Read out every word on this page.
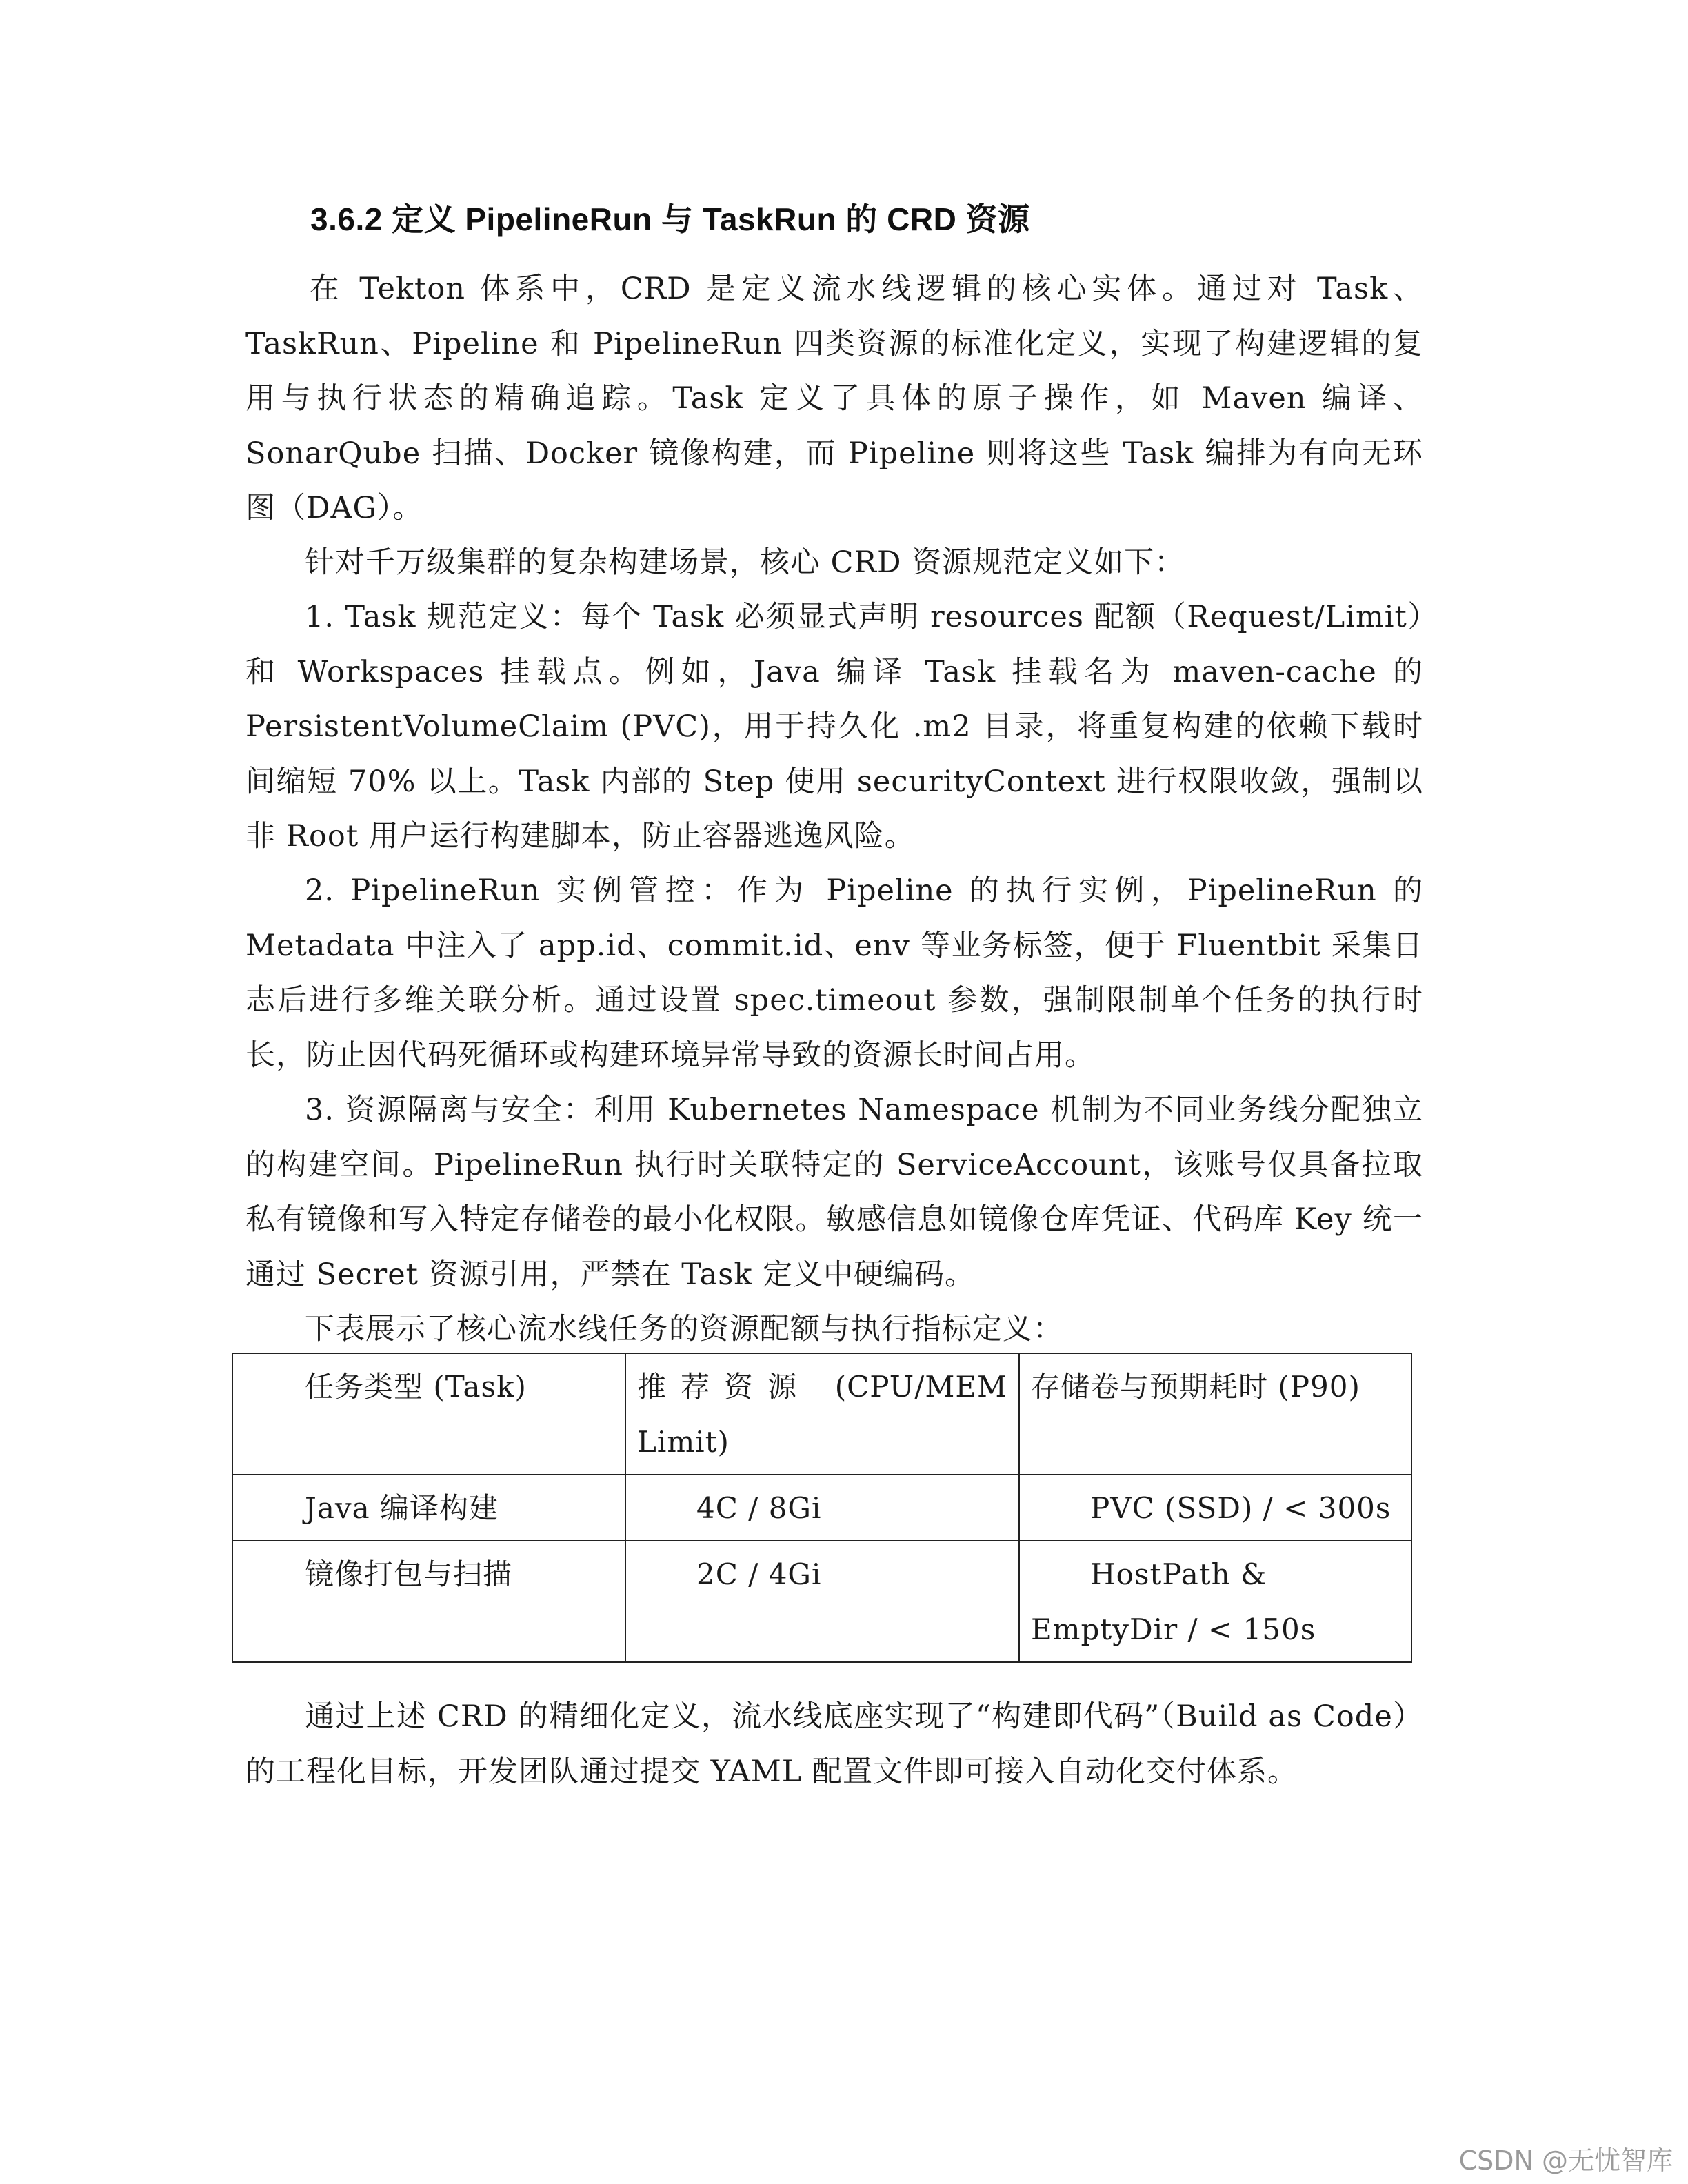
3.6.2 定义 PipelineRun 与 TaskRun 的 CRD 资源

在 Tekton 体系中，CRD 是定义流水线逻辑的核心实体。通过对 Task、TaskRun、Pipeline 和 PipelineRun 四类资源的标准化定义，实现了构建逻辑的复用与执行状态的精确追踪。Task 定义了具体的原子操作，如 Maven 编译、SonarQube 扫描、Docker 镜像构建，而 Pipeline 则将这些 Task 编排为有向无环图（DAG）。

针对千万级集群的复杂构建场景，核心 CRD 资源规范定义如下：

1. Task 规范定义：每个 Task 必须显式声明 resources 配额（Request/Limit）和 Workspaces 挂载点。例如，Java 编译 Task 挂载名为 maven-cache 的 PersistentVolumeClaim (PVC)，用于持久化 .m2 目录，将重复构建的依赖下载时间缩短 70% 以上。Task 内部的 Step 使用 securityContext 进行权限收敛，强制以非 Root 用户运行构建脚本，防止容器逃逸风险。

2. PipelineRun 实例管控：作为 Pipeline 的执行实例，PipelineRun 的 Metadata 中注入了 app.id、commit.id、env 等业务标签，便于 Fluentbit 采集日志后进行多维关联分析。通过设置 spec.timeout 参数，强制限制单个任务的执行时长，防止因代码死循环或构建环境异常导致的资源长时间占用。

3. 资源隔离与安全：利用 Kubernetes Namespace 机制为不同业务线分配独立的构建空间。PipelineRun 执行时关联特定的 ServiceAccount，该账号仅具备拉取私有镜像和写入特定存储卷的最小化权限。敏感信息如镜像仓库凭证、代码库 Key 统一通过 Secret 资源引用，严禁在 Task 定义中硬编码。

下表展示了核心流水线任务的资源配额与执行指标定义：

任务类型 (Task)	推荐资源 (CPU/MEM Limit)	存储卷与预期耗时 (P90)
Java 编译构建	4C / 8Gi	PVC (SSD) / < 300s
镜像打包与扫描	2C / 4Gi	HostPath & EmptyDir / < 150s

通过上述 CRD 的精细化定义，流水线底座实现了“构建即代码”（Build as Code）的工程化目标，开发团队通过提交 YAML 配置文件即可接入自动化交付体系。

CSDN @无忧智库
